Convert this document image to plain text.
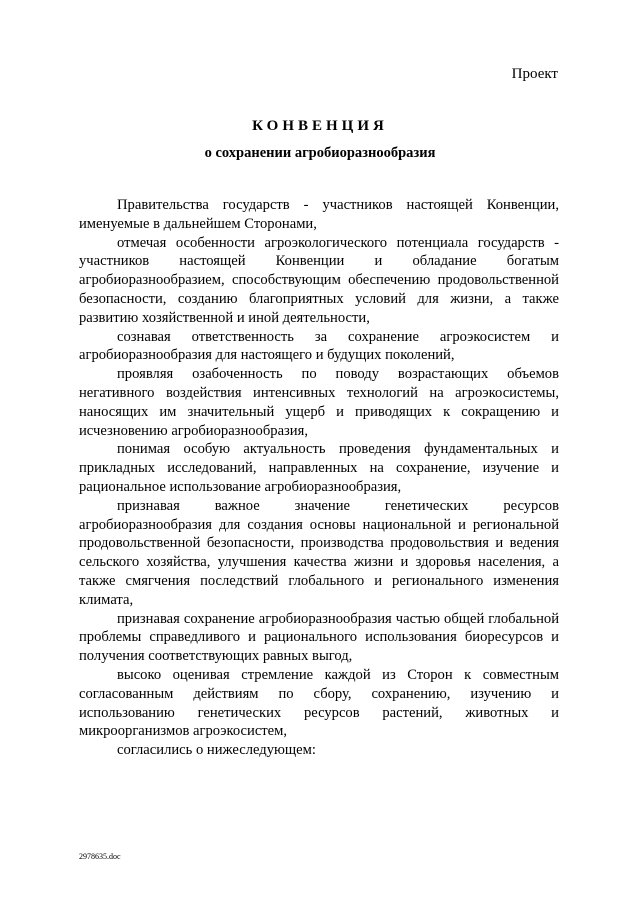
Проект
КОНВЕНЦИЯ
о сохранении агробиоразнообразия

Правительства государств - участников настоящей Конвенции, именуемые в дальнейшем Сторонами,

отмечая особенности агроэкологического потенциала государств - участников настоящей Конвенции и обладание богатым агробиоразнообразием, способствующим обеспечению продовольственной безопасности, созданию благоприятных условий для жизни, а также развитию хозяйственной и иной деятельности,

сознавая ответственность за сохранение агроэкосистем и агробиоразнообразия для настоящего и будущих поколений,

проявляя озабоченность по поводу возрастающих объемов негативного воздействия интенсивных технологий на агроэкосистемы, наносящих им значительный ущерб и приводящих к сокращению и исчезновению агробиоразнообразия,

понимая особую актуальность проведения фундаментальных и прикладных исследований, направленных на сохранение, изучение и рациональное использование агробиоразнообразия,

признавая важное значение генетических ресурсов агробиоразнообразия для создания основы национальной и региональной продовольственной безопасности, производства продовольствия и ведения сельского хозяйства, улучшения качества жизни и здоровья населения, а также смягчения последствий глобального и регионального изменения климата,

признавая сохранение агробиоразнообразия частью общей глобальной проблемы справедливого и рационального использования биоресурсов и получения соответствующих равных выгод,

высоко оценивая стремление каждой из Сторон к совместным согласованным действиям по сбору, сохранению, изучению и использованию генетических ресурсов растений, животных и микроорганизмов агроэкосистем,

согласились о нижеследующем:

2978635.doc
